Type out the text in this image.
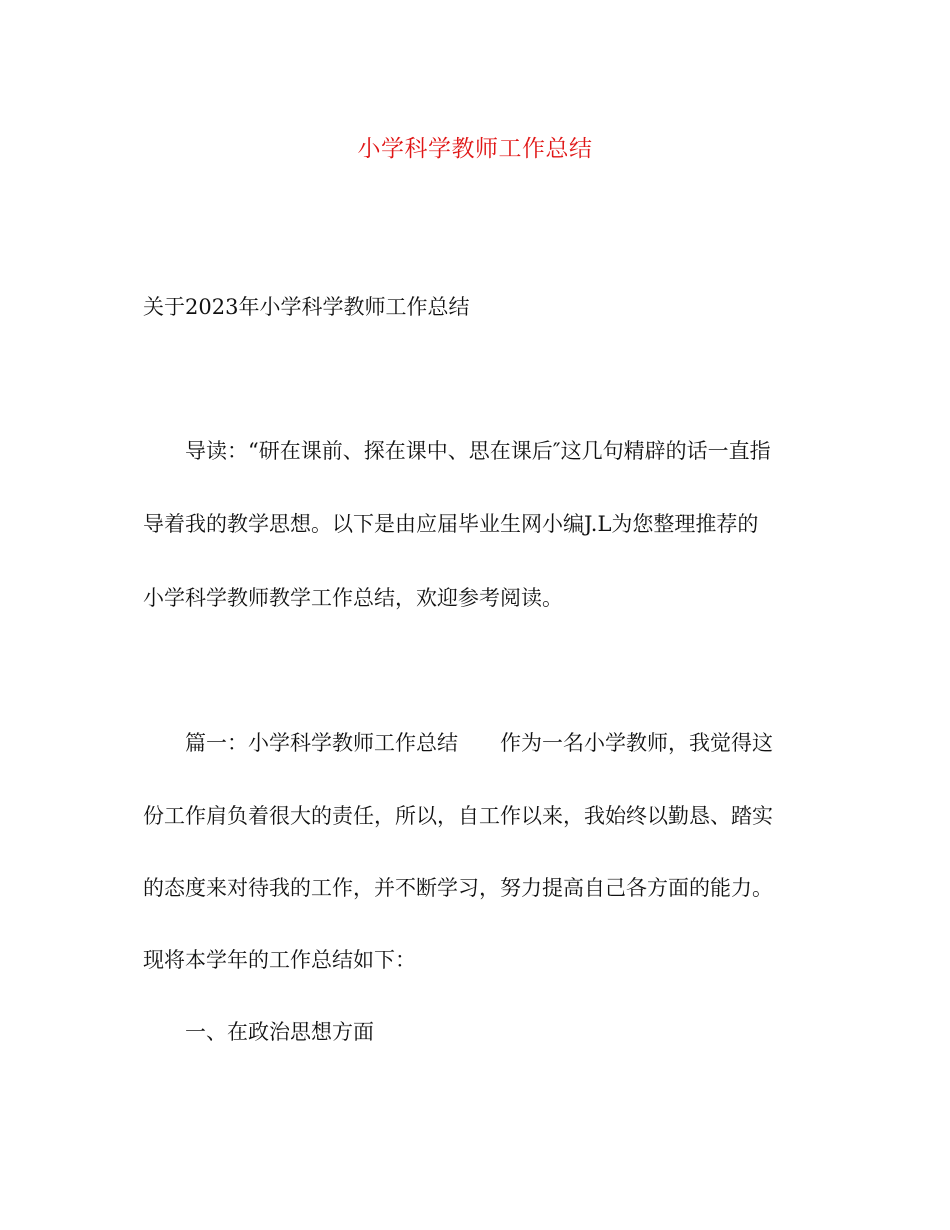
小学科学教师工作总结
关于2023年小学科学教师工作总结
导读：“研在课前、探在课中、思在课后″这几句精辟的话一直指
导着我的教学思想。以下是由应届毕业生网小编J.L为您整理推荐的
小学科学教师教学工作总结，欢迎参考阅读。
篇一：小学科学教师工作总结　　作为一名小学教师，我觉得这
份工作肩负着很大的责任，所以，自工作以来，我始终以勤恳、踏实
的态度来对待我的工作，并不断学习，努力提高自己各方面的能力。
现将本学年的工作总结如下：
一、在政治思想方面
